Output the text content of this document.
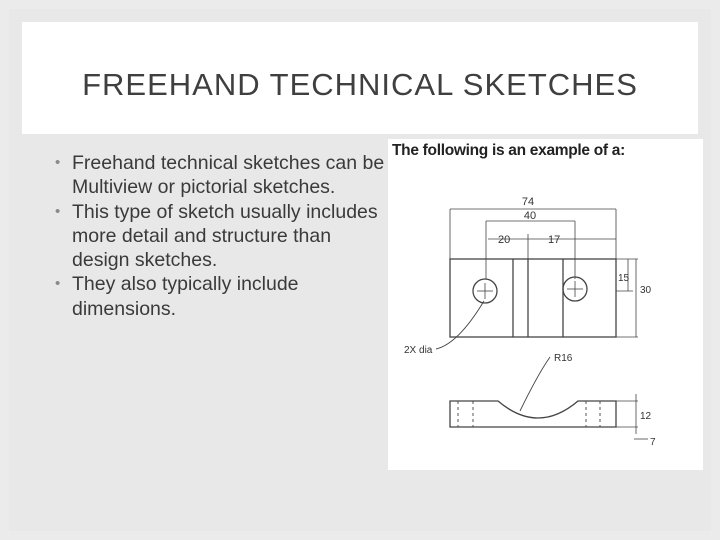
FREEHAND TECHNICAL SKETCHES
• Freehand technical sketches can be Multiview or pictorial sketches.
• This type of sketch usually includes more detail and structure than design sketches.
• They also typically include dimensions.
The following is an example of a:
74
40
20	17
15
30
2X dia
R16
12
7
